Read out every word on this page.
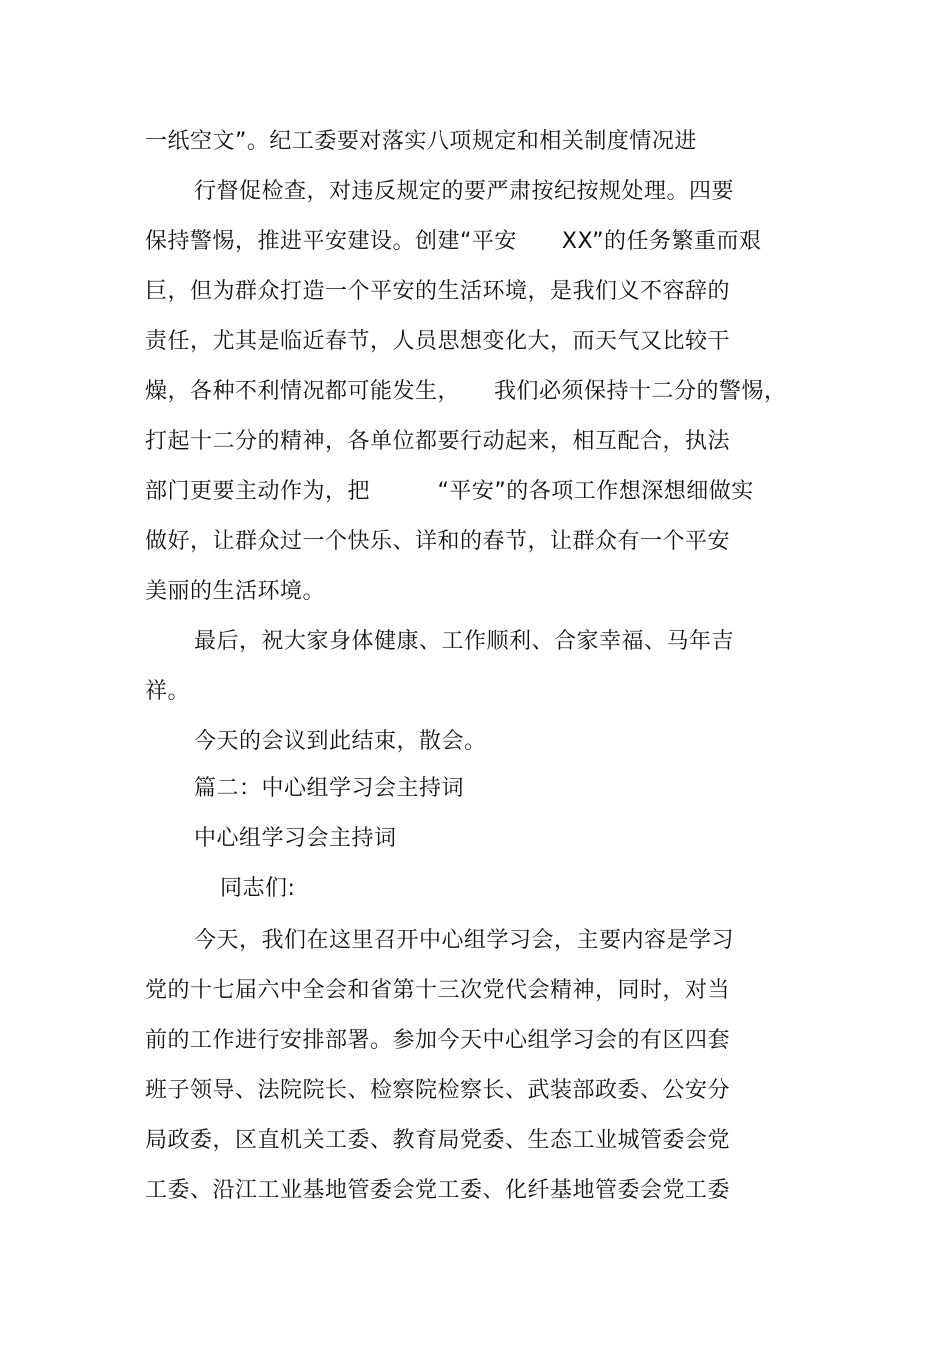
一纸空文”。纪工委要对落实八项规定和相关制度情况进
行督促检查，对违反规定的要严肃按纪按规处理。四要
保持警惕，推进平安建设。创建“平安　　XX”的任务繁重而艰
巨，但为群众打造一个平安的生活环境，是我们义不容辞的
责任，尤其是临近春节，人员思想变化大，而天气又比较干
燥，各种不利情况都可能发生，　　我们必须保持十二分的警惕，
打起十二分的精神，各单位都要行动起来，相互配合，执法
部门更要主动作为，把　　　“平安”的各项工作想深想细做实
做好，让群众过一个快乐、详和的春节，让群众有一个平安
美丽的生活环境。
最后，祝大家身体健康、工作顺利、合家幸福、马年吉
祥。
今天的会议到此结束，散会。
篇二：中心组学习会主持词
中心组学习会主持词
同志们:
今天，我们在这里召开中心组学习会，主要内容是学习
党的十七届六中全会和省第十三次党代会精神，同时，对当
前的工作进行安排部署。参加今天中心组学习会的有区四套
班子领导、法院院长、检察院检察长、武装部政委、公安分
局政委，区直机关工委、教育局党委、生态工业城管委会党
工委、沿江工业基地管委会党工委、化纤基地管委会党工委
